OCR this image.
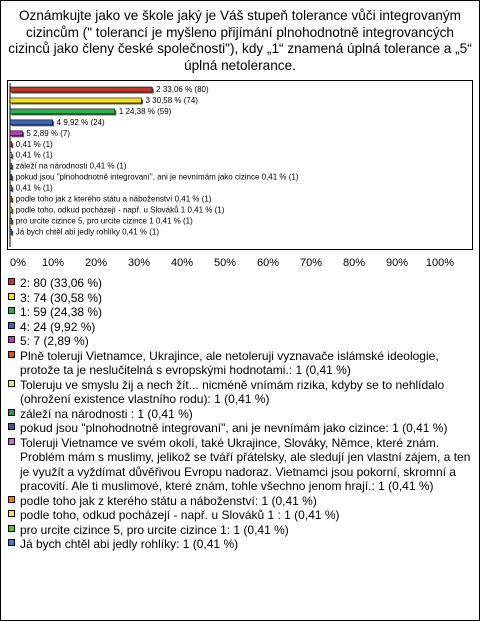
Oznámkujte jako ve škole jaký je Váš stupeň tolerance vůči integrovaným cizincům (" tolerancí je myšleno přijímání plnohodnotně integrovancých cizinců jako členy české společnosti"), kdy „1“ znamená úplná tolerance a „5“ úplná netolerance.
2 33,06 % (80)
3 30,58 % (74)
1 24,38 % (59)
4 9,92 % (24)
5 2,89 % (7)
0,41 % (1)
0,41 % (1)
záleží na národnosti 0,41 % (1)
pokud jsou "plnohodnotně integrovaní", ani je nevnímám jako cizince 0,41 % (1)
0,41 % (1)
podle toho jak z kterého státu a náboženství 0,41 % (1)
podle toho, odkud pocházejí - např. u Slováků 1 0,41 % (1)
pro urcite cizince 5, pro urcite cizince 1 0,41 % (1)
Já bych chtěl abi jedly rohlíky 0,41 % (1)
0% 10% 20% 30% 40% 50% 60% 70% 80% 90% 100%
2: 80 (33,06 %)
3: 74 (30,58 %)
1: 59 (24,38 %)
4: 24 (9,92 %)
5: 7 (2,89 %)
Plně toleruji Vietnamce, Ukrajince, ale netoleruji vyznavače islámské ideologie, protože ta je neslučitelná s evropskými hodnotami.: 1 (0,41 %)
Toleruju ve smyslu žij a nech žít... nicméně vnímám rizika, kdyby se to nehlídalo (ohrožení existence vlastního rodu): 1 (0,41 %)
záleží na národnosti : 1 (0,41 %)
pokud jsou "plnohodnotně integrovaní", ani je nevnímám jako cizince: 1 (0,41 %)
Toleruji Vietnamce ve svém okolí, také Ukrajince, Slováky, Němce, které znám. Problém mám s muslimy, jelikož se tváří přátelsky, ale sledují jen vlastní zájem, a ten je využít a vyždímat důvěřivou Evropu nadoraz. Vietnamci jsou pokorní, skromní a pracovití. Ale ti muslimové, které znám, tohle všechno jenom hrají.: 1 (0,41 %)
podle toho jak z kterého státu a náboženství: 1 (0,41 %)
podle toho, odkud pocházejí - např. u Slováků 1 : 1 (0,41 %)
pro urcite cizince 5, pro urcite cizince 1: 1 (0,41 %)
Já bych chtěl abi jedly rohlíky: 1 (0,41 %)
